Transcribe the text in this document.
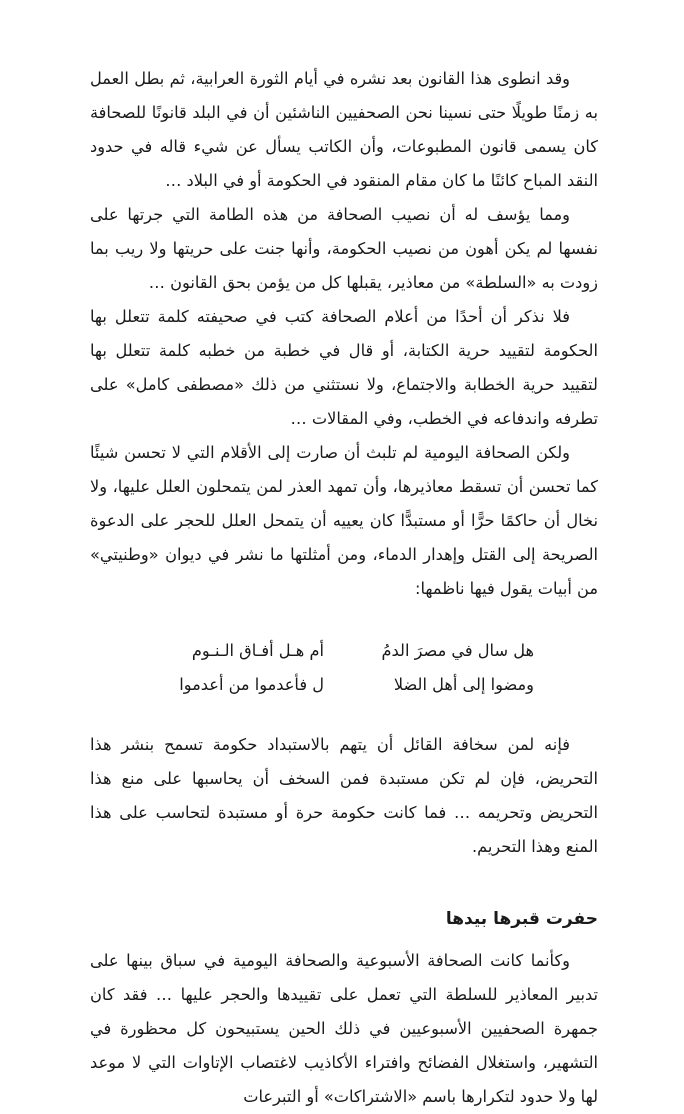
وقد انطوى هذا القانون بعد نشره في أيام الثورة العرابية، ثم بطل العمل به زمنًا طويلًا حتى نسينا نحن الصحفيين الناشئين أن في البلد قانونًا للصحافة كان يسمى قانون المطبوعات، وأن الكاتب يسأل عن شيء قاله في حدود النقد المباح كائنًا ما كان مقام المنقود في الحكومة أو في البلاد …

ومما يؤسف له أن نصيب الصحافة من هذه الطامة التي جرتها على نفسها لم يكن أهون من نصيب الحكومة، وأنها جنت على حريتها ولا ريب بما زودت به «السلطة» من معاذير، يقبلها كل من يؤمن بحق القانون …

فلا نذكر أن أحدًا من أعلام الصحافة كتب في صحيفته كلمة تتعلل بها الحكومة لتقييد حرية الكتابة، أو قال في خطبة من خطبه كلمة تتعلل بها لتقييد حرية الخطابة والاجتماع، ولا نستثني من ذلك «مصطفى كامل» على تطرفه واندفاعه في الخطب، وفي المقالات …

ولكن الصحافة اليومية لم تلبث أن صارت إلى الأقلام التي لا تحسن شيئًا كما تحسن أن تسقط معاذيرها، وأن تمهد العذر لمن يتمحلون العلل عليها، ولا نخال أن حاكمًا حرًّا أو مستبدًّا كان يعييه أن يتمحل العلل للحجر على الدعوة الصريحة إلى القتل وإهدار الدماء، ومن أمثلتها ما نشر في ديوان «وطنيتي» من أبيات يقول فيها ناظمها:

هل سال في مصرَ الدمُ
أم هـل أفـاق الـنـوم
ومضوا إلى أهل الضلا
ل فأعدموا من أعدموا

فإنه لمن سخافة القائل أن يتهم بالاستبداد حكومة تسمح بنشر هذا التحريض، فإن لم تكن مستبدة فمن السخف أن يحاسبها على منع هذا التحريض وتحريمه … فما كانت حكومة حرة أو مستبدة لتحاسب على هذا المنع وهذا التحريم.

حفرت قبرها بيدها

وكأنما كانت الصحافة الأسبوعية والصحافة اليومية في سباق بينها على تدبير المعاذير للسلطة التي تعمل على تقييدها والحجر عليها … فقد كان جمهرة الصحفيين الأسبوعيين في ذلك الحين يستبيحون كل محظورة في التشهير، واستغلال الفضائح وافتراء الأكاذيب لاغتصاب الإتاوات التي لا موعد لها ولا حدود لتكرارها باسم «الاشتراكات» أو التبرعات
